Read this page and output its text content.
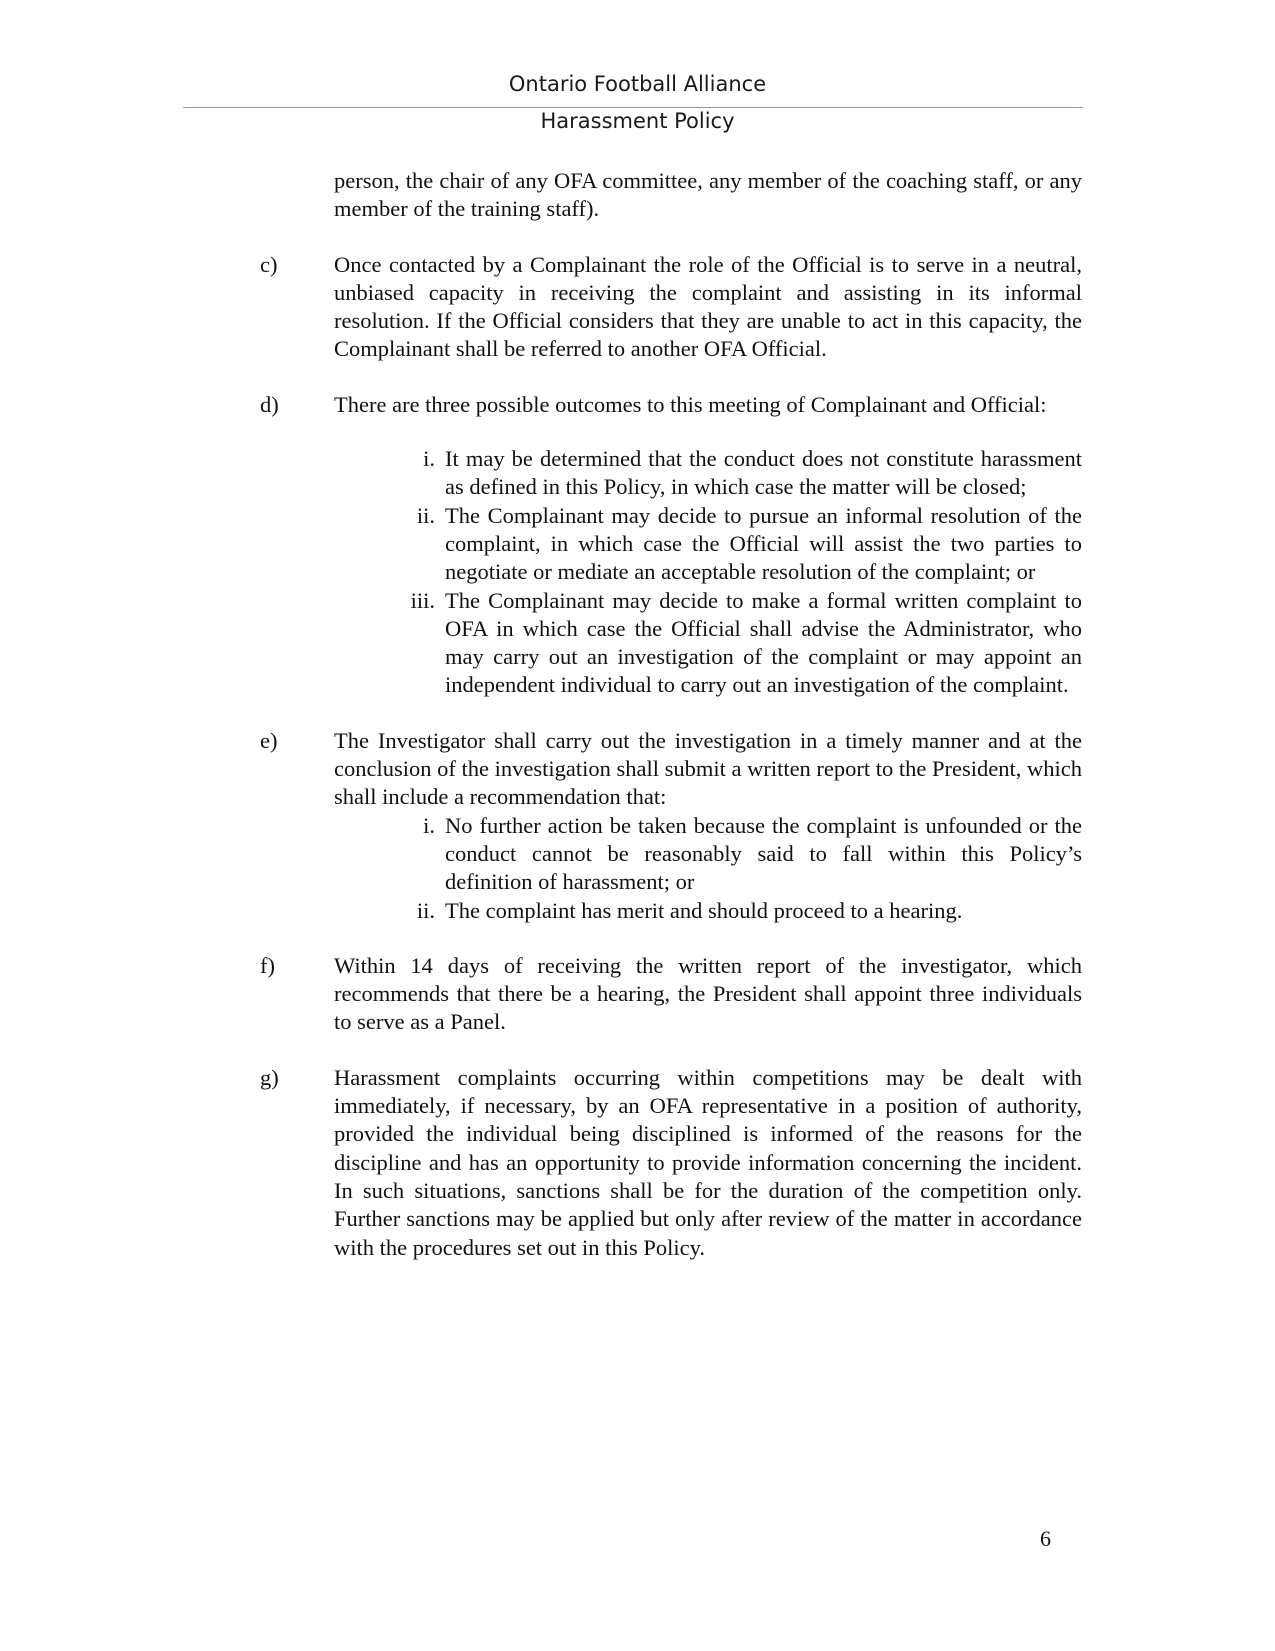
Ontario Football Alliance
Harassment Policy

person, the chair of any OFA committee, any member of the coaching staff, or any member of the training staff).

c)	Once contacted by a Complainant the role of the Official is to serve in a neutral, unbiased capacity in receiving the complaint and assisting in its informal resolution. If the Official considers that they are unable to act in this capacity, the Complainant shall be referred to another OFA Official.
d) There are three possible outcomes to this meeting of Complainant and Official:
i. It may be determined that the conduct does not constitute harassment as defined in this Policy, in which case the matter will be closed;
ii. The Complainant may decide to pursue an informal resolution of the complaint, in which case the Official will assist the two parties to negotiate or mediate an acceptable resolution of the complaint; or
iii. The Complainant may decide to make a formal written complaint to OFA in which case the Official shall advise the Administrator, who may carry out an investigation of the complaint or may appoint an independent individual to carry out an investigation of the complaint.
e)	The Investigator shall carry out the investigation in a timely manner and at the conclusion of the investigation shall submit a written report to the President, which shall include a recommendation that:
i. No further action be taken because the complaint is unfounded or the conduct cannot be reasonably said to fall within this Policy’s definition of harassment; or
ii. The complaint has merit and should proceed to a hearing.
f)	Within 14 days of receiving the written report of the investigator, which recommends that there be a hearing, the President shall appoint three individuals to serve as a Panel.
g) Harassment complaints occurring within competitions may be dealt with immediately, if necessary, by an OFA representative in a position of authority, provided the individual being disciplined is informed of the reasons for the discipline and has an opportunity to provide information concerning the incident. In such situations, sanctions shall be for the duration of the competition only. Further sanctions may be applied but only after review of the matter in accordance with the procedures set out in this Policy.
6
